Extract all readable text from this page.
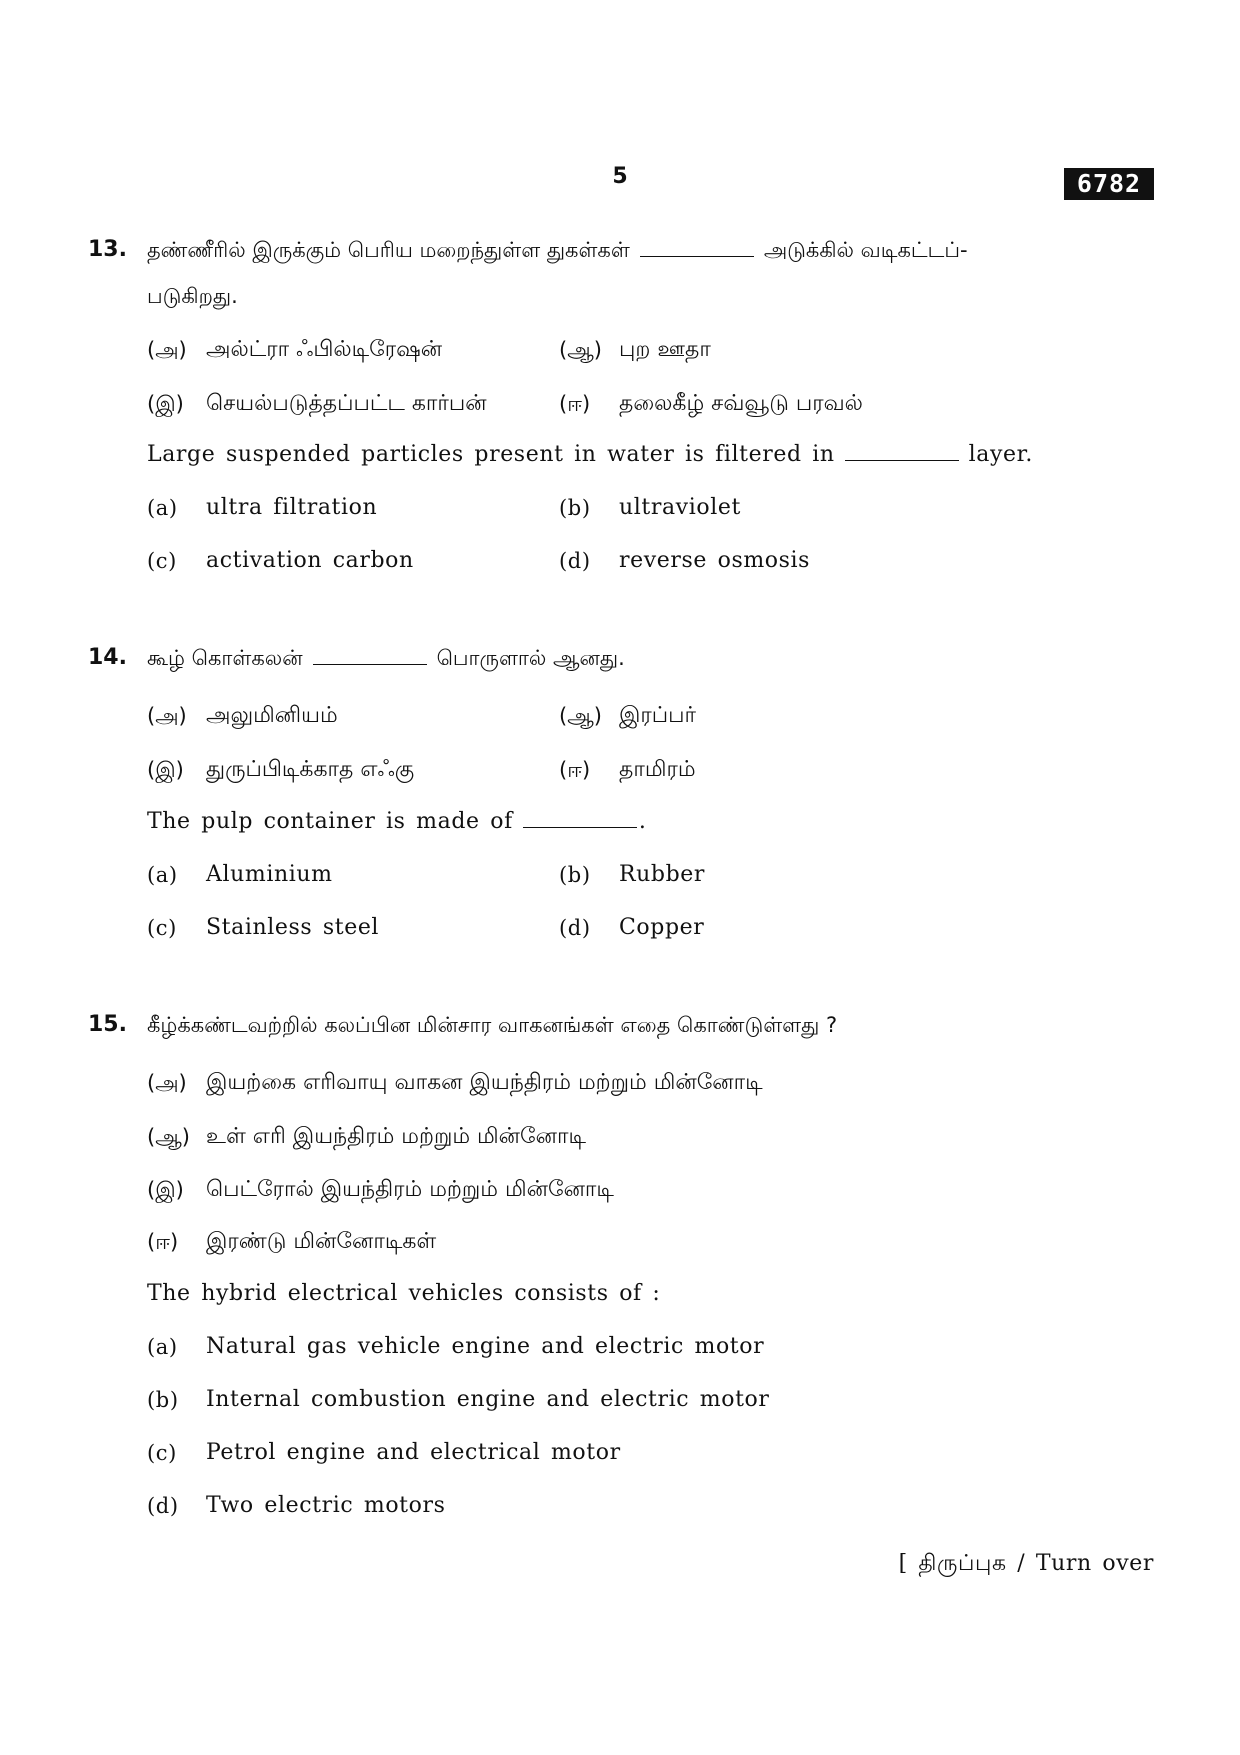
5	6782
13. தண்ணீரில் இருக்கும் பெரிய மறைந்துள்ள துகள்கள்	அடுக்கில் வடிகட்டப்-
படுகிறது.
(அ) அல்ட்ரா ஃபில்டிரேஷன்	(ஆ) புற ஊதா
(இ) செயல்படுத்தப்பட்ட கார்பன்	(ஈ) தலைகீழ் சவ்வூடு பரவல்
Large suspended particles present in water is filtered in	layer.
(a) ultra filtration	(b) ultraviolet
(c) activation carbon	(d) reverse osmosis
14. கூழ் கொள்கலன்	பொருளால் ஆனது.
(அ) அலுமினியம்	(ஆ) இரப்பர்
(இ) துருப்பிடிக்காத எஃகு	(ஈ) தாமிரம்
The pulp container is made of	.
(a) Aluminium	(b) Rubber
(c) Stainless steel	(d) Copper
15. கீழ்க்கண்டவற்றில் கலப்பின மின்சார வாகனங்கள் எதை கொண்டுள்ளது ?
(அ) இயற்கை எரிவாயு வாகன இயந்திரம் மற்றும் மின்னோடி
(ஆ) உள் எரி இயந்திரம் மற்றும் மின்னோடி
(இ) பெட்ரோல் இயந்திரம் மற்றும் மின்னோடி
(ஈ) இரண்டு மின்னோடிகள்
The hybrid electrical vehicles consists of :
(a) Natural gas vehicle engine and electric motor
(b) Internal combustion engine and electric motor
(c) Petrol engine and electrical motor
(d) Two electric motors
[ திருப்புக / Turn over
